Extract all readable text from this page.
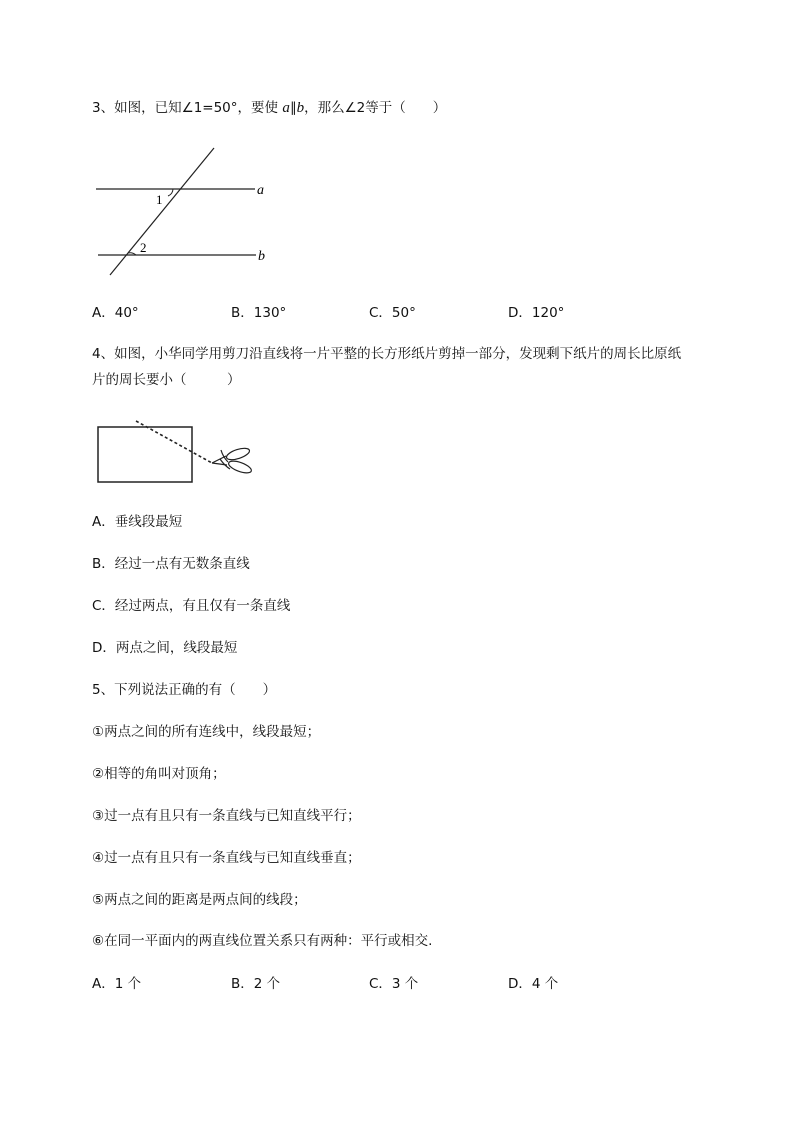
3、如图，已知∠1=50°，要使 a∥b，那么∠2等于（　　）
a
b
1
2
A．40°	B．130°	C．50°	D．120°
4、如图，小华同学用剪刀沿直线将一片平整的长方形纸片剪掉一部分，发现剩下纸片的周长比原纸
片的周长要小（　　　）
A．垂线段最短
B．经过一点有无数条直线
C．经过两点，有且仅有一条直线
D．两点之间，线段最短
5、下列说法正确的有（　　）
①两点之间的所有连线中，线段最短；
②相等的角叫对顶角；
③过一点有且只有一条直线与已知直线平行；
④过一点有且只有一条直线与已知直线垂直；
⑤两点之间的距离是两点间的线段；
⑥在同一平面内的两直线位置关系只有两种：平行或相交.
A．1 个	B．2 个	C．3 个	D．4 个
